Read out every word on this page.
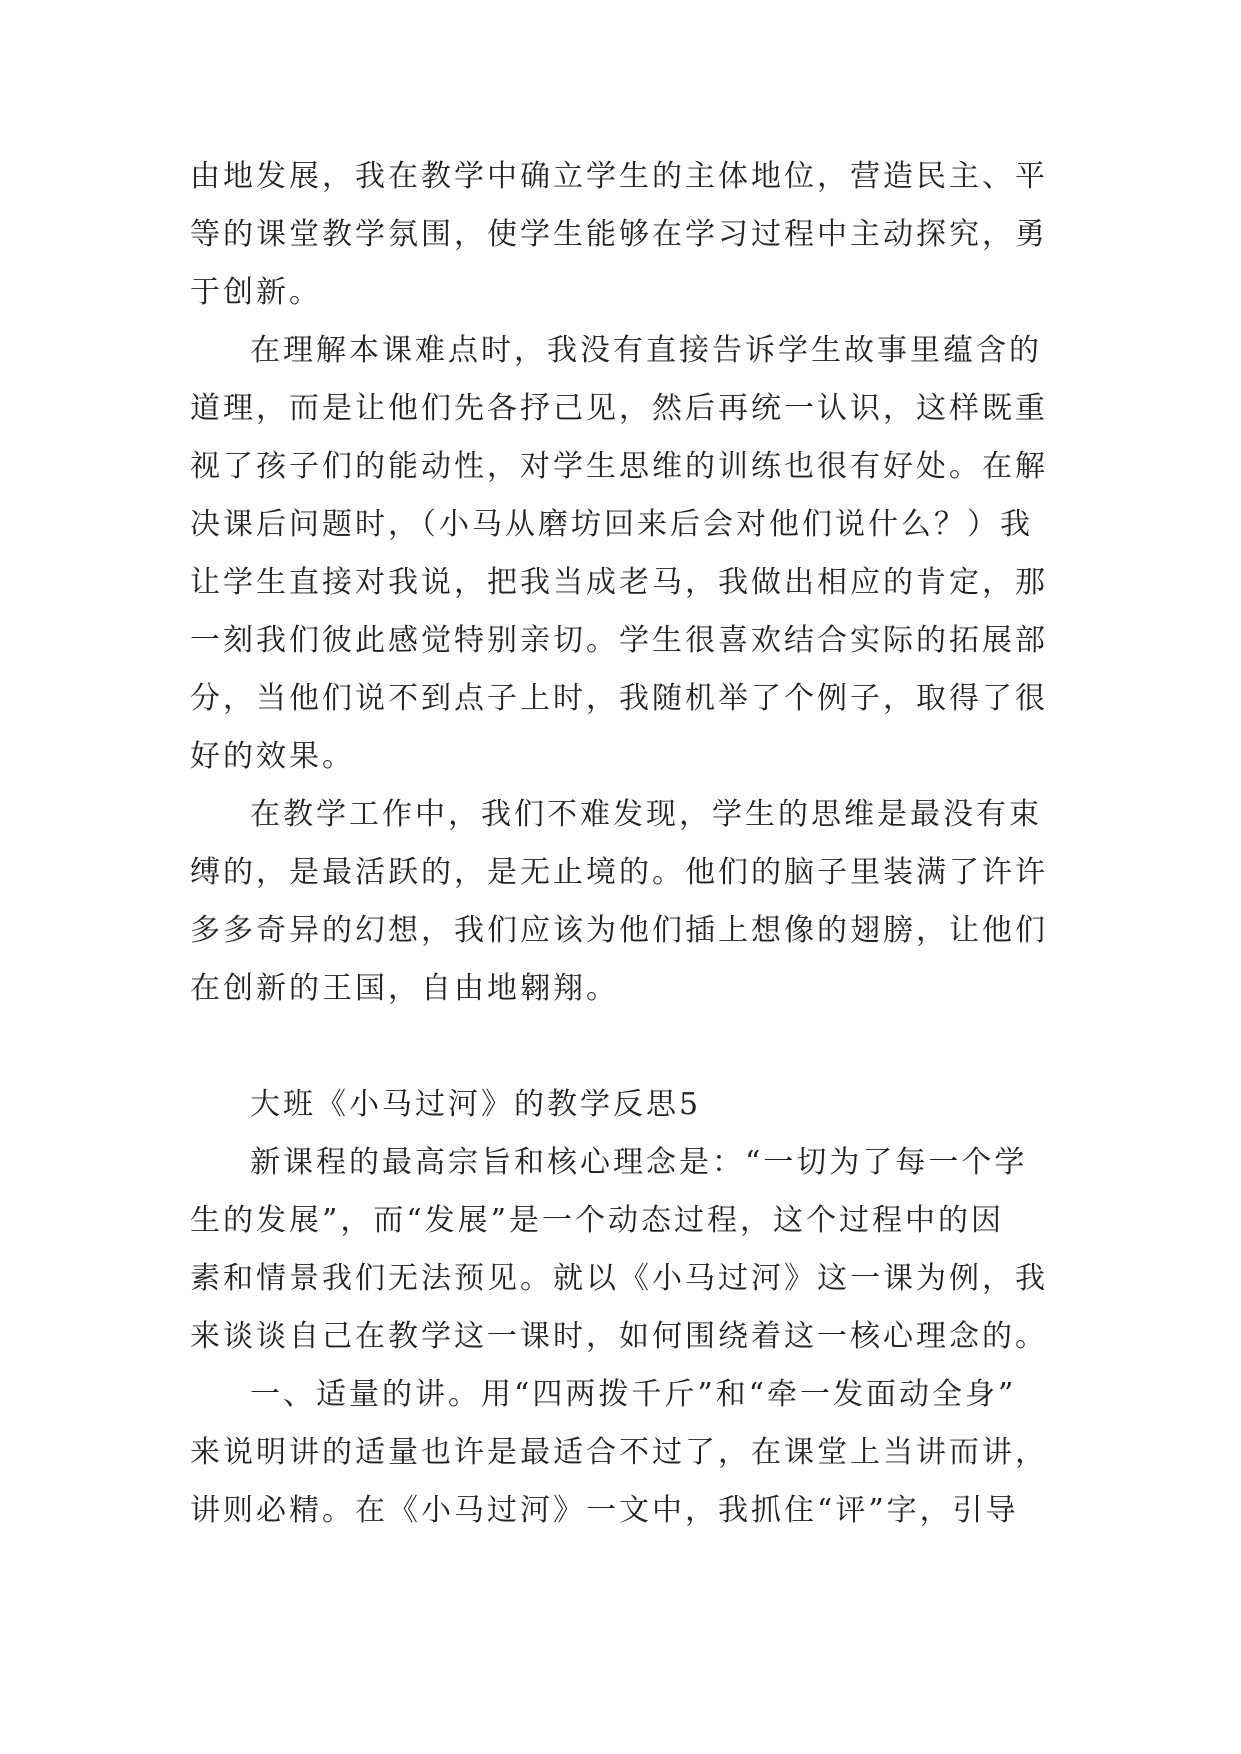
由地发展，我在教学中确立学生的主体地位，营造民主、平
等的课堂教学氛围，使学生能够在学习过程中主动探究，勇
于创新。
在理解本课难点时，我没有直接告诉学生故事里蕴含的
道理，而是让他们先各抒己见，然后再统一认识，这样既重
视了孩子们的能动性，对学生思维的训练也很有好处。在解
决课后问题时，（小马从磨坊回来后会对他们说什么？）我
让学生直接对我说，把我当成老马，我做出相应的肯定，那
一刻我们彼此感觉特别亲切。学生很喜欢结合实际的拓展部
分，当他们说不到点子上时，我随机举了个例子，取得了很
好的效果。
在教学工作中，我们不难发现，学生的思维是最没有束
缚的，是最活跃的，是无止境的。他们的脑子里装满了许许
多多奇异的幻想，我们应该为他们插上想像的翅膀，让他们
在创新的王国，自由地翱翔。
大班《小马过河》的教学反思5
新课程的最高宗旨和核心理念是：“一切为了每一个学
生的发展”，而“发展”是一个动态过程，这个过程中的因
素和情景我们无法预见。就以《小马过河》这一课为例，我
来谈谈自己在教学这一课时，如何围绕着这一核心理念的。
一、适量的讲。用“四两拨千斤”和“牵一发面动全身”
来说明讲的适量也许是最适合不过了，在课堂上当讲而讲，
讲则必精。在《小马过河》一文中，我抓住“评”字，引导
